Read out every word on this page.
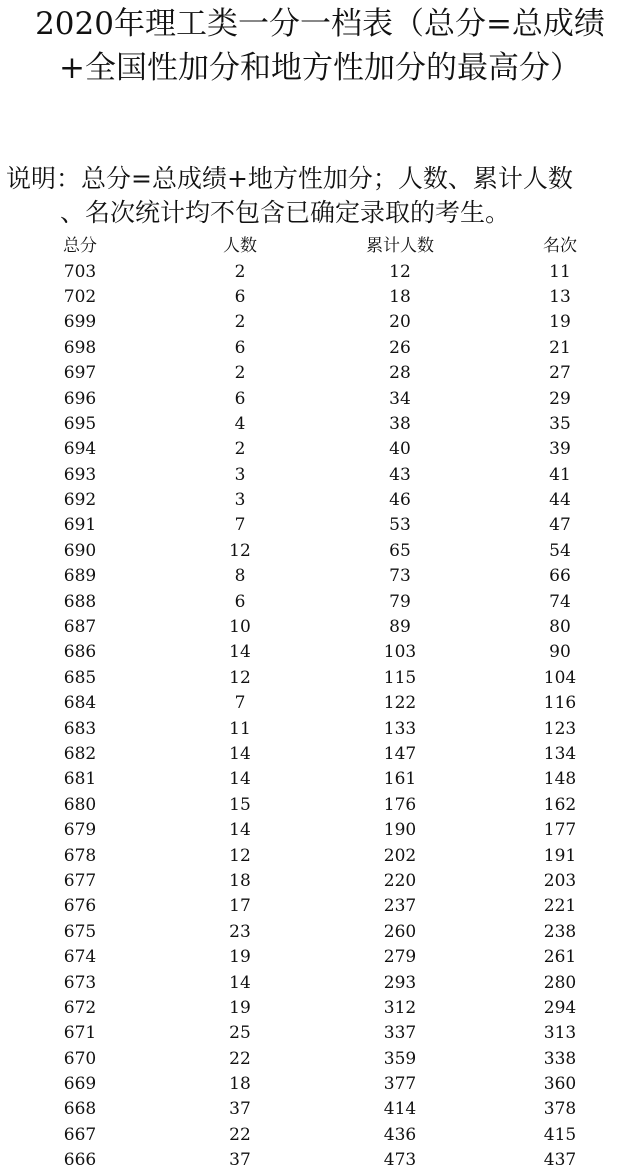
2020年理工类一分一档表（总分=总成绩+全国性加分和地方性加分的最高分）

说明：总分=总成绩+地方性加分；人数、累计人数
、名次统计均不包含已确定录取的考生。

总分	人数	累计人数	名次
703	2	12	11
702	6	18	13
699	2	20	19
698	6	26	21
697	2	28	27
696	6	34	29
695	4	38	35
694	2	40	39
693	3	43	41
692	3	46	44
691	7	53	47
690	12	65	54
689	8	73	66
688	6	79	74
687	10	89	80
686	14	103	90
685	12	115	104
684	7	122	116
683	11	133	123
682	14	147	134
681	14	161	148
680	15	176	162
679	14	190	177
678	12	202	191
677	18	220	203
676	17	237	221
675	23	260	238
674	19	279	261
673	14	293	280
672	19	312	294
671	25	337	313
670	22	359	338
669	18	377	360
668	37	414	378
667	22	436	415
666	37	473	437
